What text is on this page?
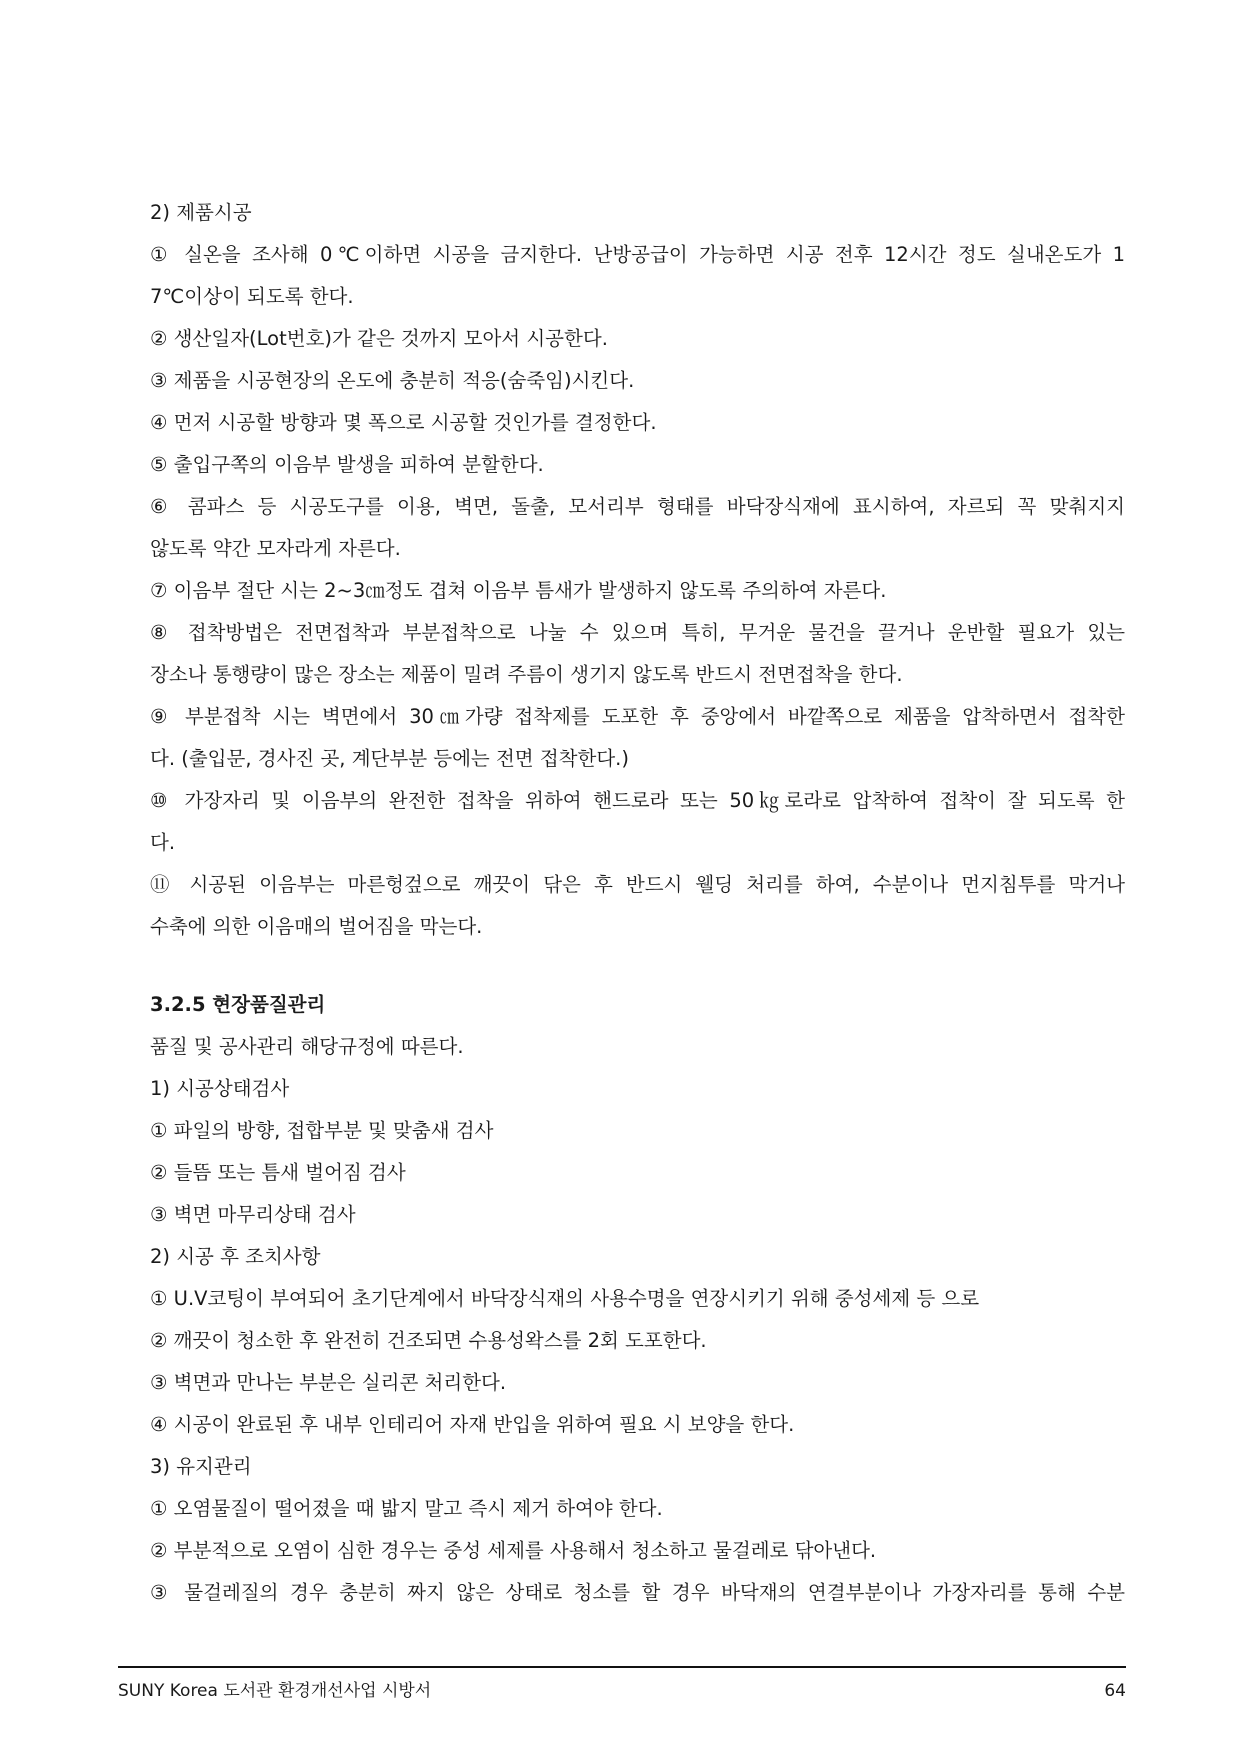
2) 제품시공

① 실온을 조사해 0℃이하면 시공을 금지한다. 난방공급이 가능하면 시공 전후 12시간 정도 실내온도가 1

7℃이상이 되도록 한다.

② 생산일자(Lot번호)가 같은 것까지 모아서 시공한다.

③ 제품을 시공현장의 온도에 충분히 적응(숨죽임)시킨다.

④ 먼저 시공할 방향과 몇 폭으로 시공할 것인가를 결정한다.

⑤ 출입구쪽의 이음부 발생을 피하여 분할한다.

⑥ 콤파스 등 시공도구를 이용, 벽면, 돌출, 모서리부 형태를 바닥장식재에 표시하여, 자르되 꼭 맞춰지지

않도록 약간 모자라게 자른다.

⑦ 이음부 절단 시는 2~3㎝정도 겹쳐 이음부 틈새가 발생하지 않도록 주의하여 자른다.

⑧ 접착방법은 전면접착과 부분접착으로 나눌 수 있으며 특히, 무거운 물건을 끌거나 운반할 필요가 있는

장소나 통행량이 많은 장소는 제품이 밀려 주름이 생기지 않도록 반드시 전면접착을 한다.

⑨ 부분접착 시는 벽면에서 30㎝가량 접착제를 도포한 후 중앙에서 바깥쪽으로 제품을 압착하면서 접착한

다. (출입문, 경사진 곳, 계단부분 등에는 전면 접착한다.)

⑩ 가장자리 및 이음부의 완전한 접착을 위하여 핸드로라 또는 50㎏로라로 압착하여 접착이 잘 되도록 한

다.

⑪ 시공된 이음부는 마른헝겊으로 깨끗이 닦은 후 반드시 웰딩 처리를 하여, 수분이나 먼지침투를 막거나

수축에 의한 이음매의 벌어짐을 막는다.

3.2.5 현장품질관리

품질 및 공사관리 해당규정에 따른다.

1) 시공상태검사

① 파일의 방향, 접합부분 및 맞춤새 검사

② 들뜸 또는 틈새 벌어짐 검사

③ 벽면 마무리상태 검사

2) 시공 후 조치사항

① U.V코팅이 부여되어 초기단계에서 바닥장식재의 사용수명을 연장시키기 위해 중성세제 등 으로

② 깨끗이 청소한 후 완전히 건조되면 수용성왁스를 2회 도포한다.

③ 벽면과 만나는 부분은 실리콘 처리한다.

④ 시공이 완료된 후 내부 인테리어 자재 반입을 위하여 필요 시 보양을 한다.

3) 유지관리

① 오염물질이 떨어졌을 때 밟지 말고 즉시 제거 하여야 한다.

② 부분적으로 오염이 심한 경우는 중성 세제를 사용해서 청소하고 물걸레로 닦아낸다.

③ 물걸레질의 경우 충분히 짜지 않은 상태로 청소를 할 경우 바닥재의 연결부분이나 가장자리를 통해 수분

SUNY Korea 도서관 환경개선사업 시방서	64
